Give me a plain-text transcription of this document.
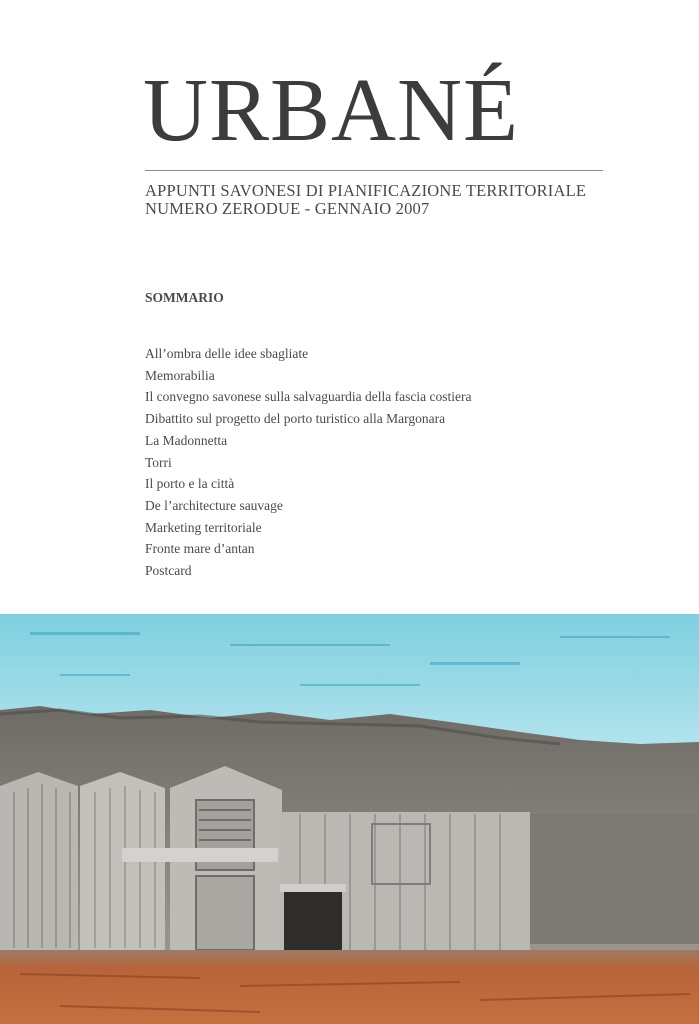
URBANÉ
APPUNTI SAVONESI DI PIANIFICAZIONE TERRITORIALE
NUMERO ZERODUE - GENNAIO 2007
SOMMARIO
All’ombra delle idee sbagliate
Memorabilia
Il convegno savonese sulla salvaguardia della fascia costiera
Dibattito sul progetto del porto turistico alla Margonara
La Madonnetta
Torri
Il porto e la città
De l’architecture sauvage
Marketing territoriale
Fronte mare d’antan
Postcard
